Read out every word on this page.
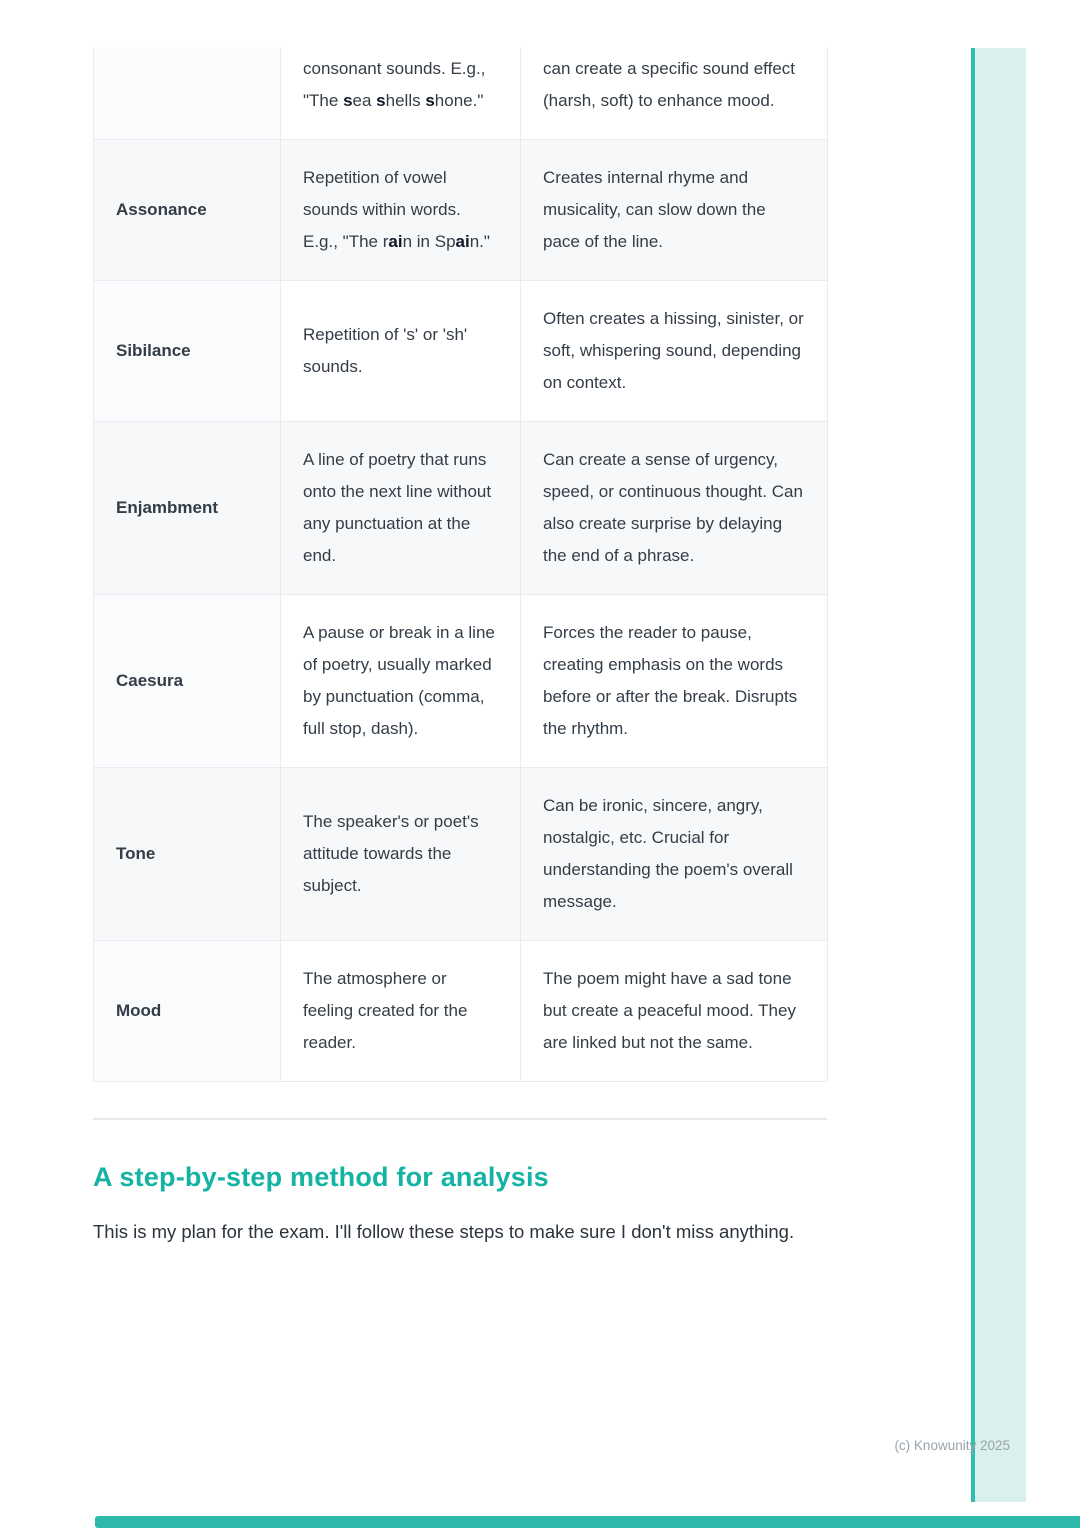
	consonant sounds. E.g., "The sea shells shone."	can create a specific sound effect (harsh, soft) to enhance mood.
Assonance	Repetition of vowel sounds within words. E.g., "The rain in Spain."	Creates internal rhyme and musicality, can slow down the pace of the line.
Sibilance	Repetition of 's' or 'sh' sounds.	Often creates a hissing, sinister, or soft, whispering sound, depending on context.
Enjambment	A line of poetry that runs onto the next line without any punctuation at the end.	Can create a sense of urgency, speed, or continuous thought. Can also create surprise by delaying the end of a phrase.
Caesura	A pause or break in a line of poetry, usually marked by punctuation (comma, full stop, dash).	Forces the reader to pause, creating emphasis on the words before or after the break. Disrupts the rhythm.
Tone	The speaker's or poet's attitude towards the subject.	Can be ironic, sincere, angry, nostalgic, etc. Crucial for understanding the poem's overall message.
Mood	The atmosphere or feeling created for the reader.	The poem might have a sad tone but create a peaceful mood. They are linked but not the same.
A step-by-step method for analysis

This is my plan for the exam. I'll follow these steps to make sure I don't miss anything.

(c) Knowunity 2025
